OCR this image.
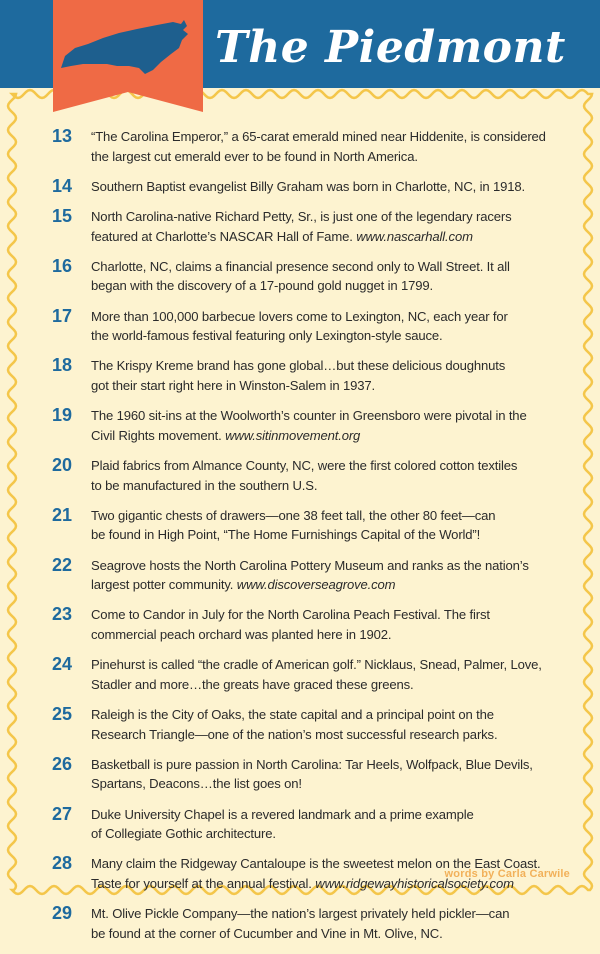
The Piedmont
13	“The Carolina Emperor,” a 65-carat emerald mined near Hiddenite, is considered
the largest cut emerald ever to be found in North America.
14	Southern Baptist evangelist Billy Graham was born in Charlotte, NC, in 1918.
15	North Carolina-native Richard Petty, Sr., is just one of the legendary racers
featured at Charlotte’s NASCAR Hall of Fame. www.nascarhall.com
16	Charlotte, NC, claims a financial presence second only to Wall Street. It all
began with the discovery of a 17-pound gold nugget in 1799.
17	More than 100,000 barbecue lovers come to Lexington, NC, each year for
the world-famous festival featuring only Lexington-style sauce.
18	The Krispy Kreme brand has gone global…but these delicious doughnuts
got their start right here in Winston-Salem in 1937.
19	The 1960 sit-ins at the Woolworth’s counter in Greensboro were pivotal in the
Civil Rights movement. www.sitinmovement.org
20	Plaid fabrics from Almance County, NC, were the first colored cotton textiles
to be manufactured in the southern U.S.
21	Two gigantic chests of drawers—one 38 feet tall, the other 80 feet—can
be found in High Point, “The Home Furnishings Capital of the World”!
22	Seagrove hosts the North Carolina Pottery Museum and ranks as the nation’s
largest potter community. www.discoverseagrove.com
23	Come to Candor in July for the North Carolina Peach Festival. The first
commercial peach orchard was planted here in 1902.
24	Pinehurst is called “the cradle of American golf.” Nicklaus, Snead, Palmer, Love,
Stadler and more…the greats have graced these greens.
25	Raleigh is the City of Oaks, the state capital and a principal point on the
Research Triangle—one of the nation’s most successful research parks.
26	Basketball is pure passion in North Carolina: Tar Heels, Wolfpack, Blue Devils,
Spartans, Deacons…the list goes on!
27	Duke University Chapel is a revered landmark and a prime example
of Collegiate Gothic architecture.
28	Many claim the Ridgeway Cantaloupe is the sweetest melon on the East Coast.
Taste for yourself at the annual festival. www.ridgewayhistoricalsociety.com
29	Mt. Olive Pickle Company—the nation’s largest privately held pickler—can
be found at the corner of Cucumber and Vine in Mt. Olive, NC.
words by Carla Carwile
